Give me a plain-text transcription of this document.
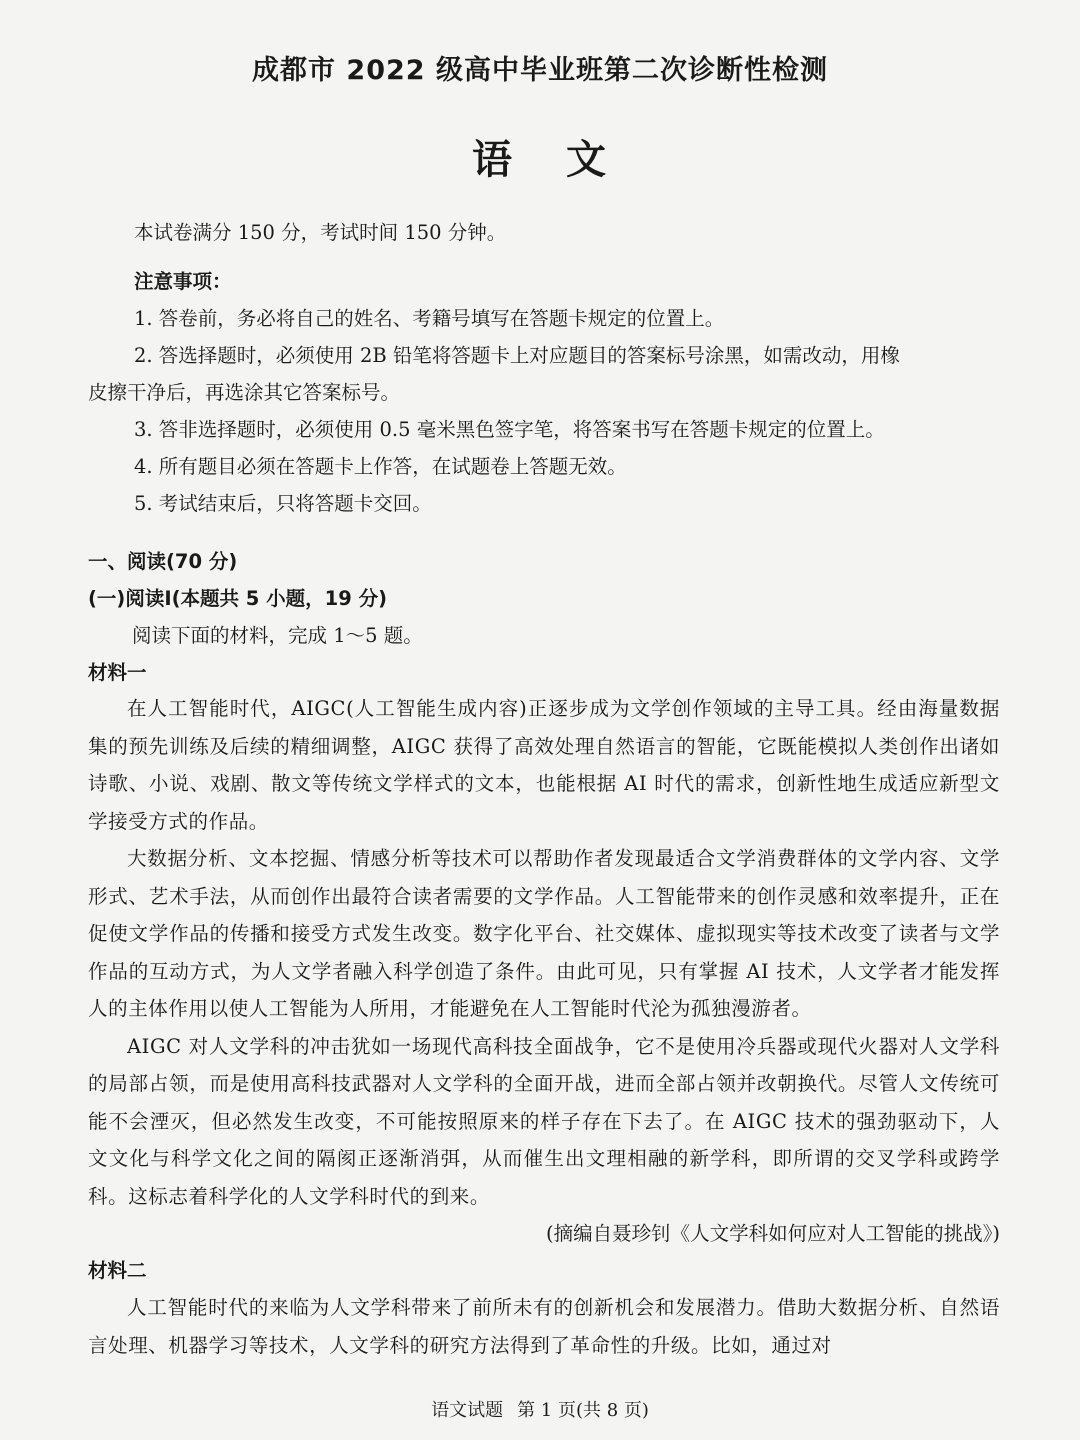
成都市 2022 级高中毕业班第二次诊断性检测
语 文
本试卷满分 150 分，考试时间 150 分钟。
注意事项：
1. 答卷前，务必将自己的姓名、考籍号填写在答题卡规定的位置上。
2. 答选择题时，必须使用 2B 铅笔将答题卡上对应题目的答案标号涂黑，如需改动，用橡
皮擦干净后，再选涂其它答案标号。
3. 答非选择题时，必须使用 0.5 毫米黑色签字笔，将答案书写在答题卡规定的位置上。
4. 所有题目必须在答题卡上作答，在试题卷上答题无效。
5. 考试结束后，只将答题卡交回。
一、阅读(70 分)
(一)阅读Ⅰ(本题共 5 小题，19 分)
阅读下面的材料，完成 1～5 题。
材料一
在人工智能时代，AIGC(人工智能生成内容)正逐步成为文学创作领域的主导工具。经由海量数据集的预先训练及后续的精细调整，AIGC 获得了高效处理自然语言的智能，它既能模拟人类创作出诸如诗歌、小说、戏剧、散文等传统文学样式的文本，也能根据 AI 时代的需求，创新性地生成适应新型文学接受方式的作品。
大数据分析、文本挖掘、情感分析等技术可以帮助作者发现最适合文学消费群体的文学内容、文学形式、艺术手法，从而创作出最符合读者需要的文学作品。人工智能带来的创作灵感和效率提升，正在促使文学作品的传播和接受方式发生改变。数字化平台、社交媒体、虚拟现实等技术改变了读者与文学作品的互动方式，为人文学者融入科学创造了条件。由此可见，只有掌握 AI 技术，人文学者才能发挥人的主体作用以使人工智能为人所用，才能避免在人工智能时代沦为孤独漫游者。
AIGC 对人文学科的冲击犹如一场现代高科技全面战争，它不是使用冷兵器或现代火器对人文学科的局部占领，而是使用高科技武器对人文学科的全面开战，进而全部占领并改朝换代。尽管人文传统可能不会湮灭，但必然发生改变，不可能按照原来的样子存在下去了。在 AIGC 技术的强劲驱动下，人文文化与科学文化之间的隔阂正逐渐消弭，从而催生出文理相融的新学科，即所谓的交叉学科或跨学科。这标志着科学化的人文学科时代的到来。
(摘编自聂珍钊《人文学科如何应对人工智能的挑战》)
材料二
人工智能时代的来临为人文学科带来了前所未有的创新机会和发展潜力。借助大数据分析、自然语言处理、机器学习等技术，人文学科的研究方法得到了革命性的升级。比如，通过对
语文试题 第 1 页(共 8 页)
